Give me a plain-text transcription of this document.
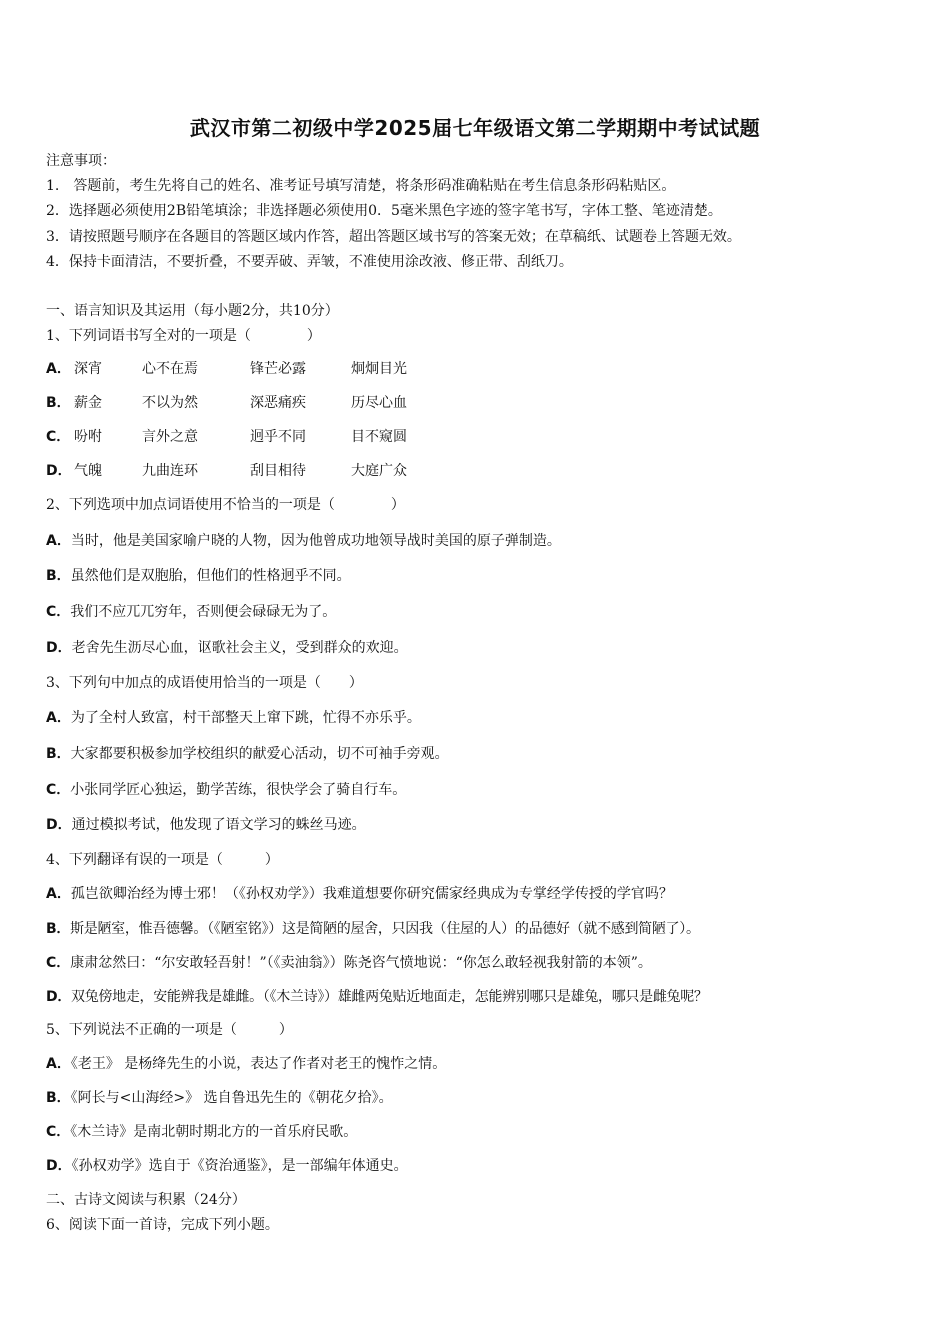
武汉市第二初级中学2025届七年级语文第二学期期中考试试题
注意事项：
1.　答题前，考生先将自己的姓名、准考证号填写清楚，将条形码准确粘贴在考生信息条形码粘贴区。
2．选择题必须使用2B铅笔填涂；非选择题必须使用0．5毫米黑色字迹的签字笔书写，字体工整、笔迹清楚。
3．请按照题号顺序在各题目的答题区域内作答，超出答题区域书写的答案无效；在草稿纸、试题卷上答题无效。
4．保持卡面清洁，不要折叠，不要弄破、弄皱，不准使用涂改液、修正带、刮纸刀。
一、语言知识及其运用（每小题2分，共10分）
1、下列词语书写全对的一项是（　　　　）
A． 深宵	心不在焉	锋芒必露	炯炯目光
B． 薪金	不以为然	深恶痛疾	历尽心血
C． 吩咐	言外之意	迥乎不同	目不窥圆
D． 气魄	九曲连环	刮目相待	大庭广众
2、下列选项中加点词语使用不恰当的一项是（　　　　）
A．当时，他是美国家喻户晓的人物，因为他曾成功地领导战时美国的原子弹制造。
B．虽然他们是双胞胎，但他们的性格迥乎不同。
C．我们不应兀兀穷年，否则便会碌碌无为了。
D．老舍先生沥尽心血，讴歌社会主义，受到群众的欢迎。
3、下列句中加点的成语使用恰当的一项是（　　）
A．为了全村人致富，村干部整天上窜下跳，忙得不亦乐乎。
B．大家都要积极参加学校组织的献爱心活动，切不可袖手旁观。
C．小张同学匠心独运，勤学苦练，很快学会了骑自行车。
D．通过模拟考试，他发现了语文学习的蛛丝马迹。
4、下列翻译有误的一项是（　　　）
A．孤岂欲卿治经为博士邪！（《孙权劝学》）我难道想要你研究儒家经典成为专掌经学传授的学官吗？
B．斯是陋室，惟吾德馨。（《陋室铭》）这是简陋的屋舍，只因我（住屋的人）的品德好（就不感到简陋了）。
C．康肃忿然曰：“尔安敢轻吾射！”（《卖油翁》）陈尧咨气愤地说：“你怎么敢轻视我射箭的本领”。
D．双兔傍地走，安能辨我是雄雌。（《木兰诗》）雄雌两兔贴近地面走，怎能辨别哪只是雄兔，哪只是雌兔呢？
5、下列说法不正确的一项是（　　　）
A．《老王》 是杨绛先生的小说，表达了作者对老王的愧怍之情。
B．《阿长与<山海经>》 选自鲁迅先生的《朝花夕拾》。
C．《木兰诗》是南北朝时期北方的一首乐府民歌。
D．《孙权劝学》选自于《资治通鉴》，是一部编年体通史。
二、古诗文阅读与积累（24分）
6、阅读下面一首诗，完成下列小题。
